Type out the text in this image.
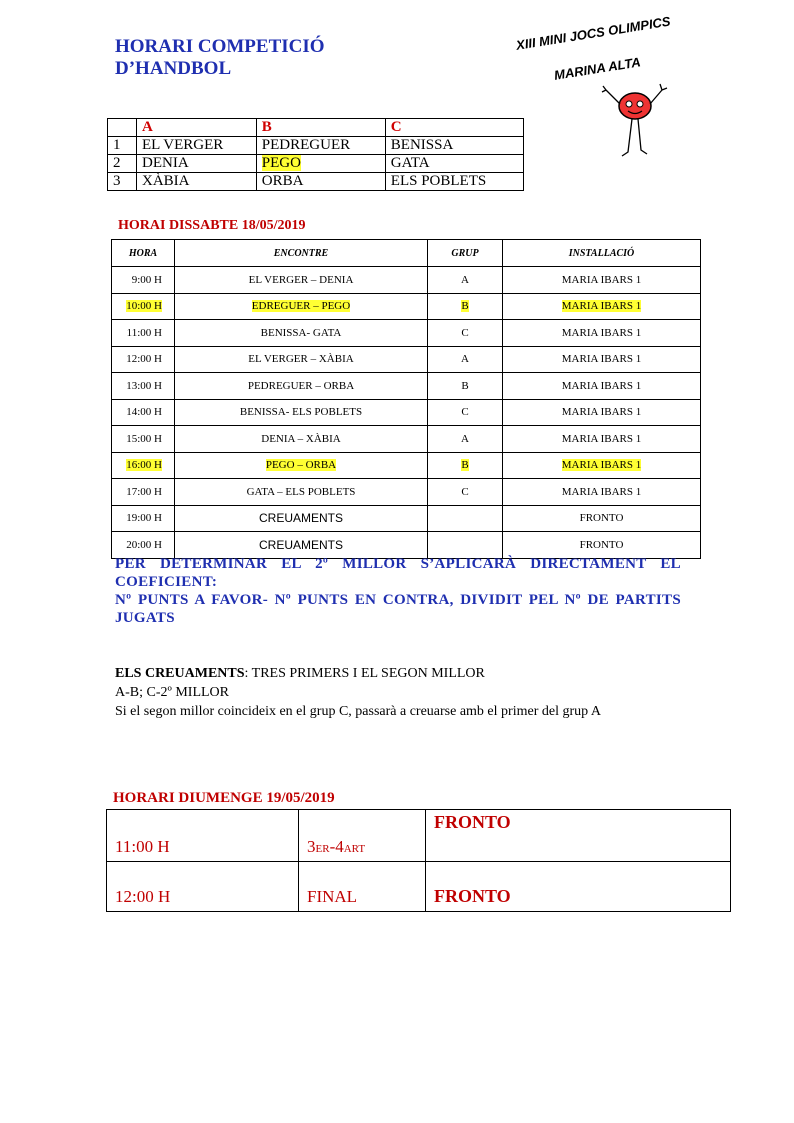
HORARI COMPETICIÓ
D’HANDBOL
XIII MINI JOCS OLIMPICS
MARINA ALTA
	A	B	C
1	EL VERGER	PEDREGUER	BENISSA
2	DENIA	PEGO	GATA
3	XÀBIA	ORBA	ELS POBLETS
HORAI DISSABTE 18/05/2019
HORA	ENCONTRE	GRUP	INSTALLACIÓ
9:00 H	EL VERGER – DENIA	A	MARIA IBARS 1
10:00 H	EDREGUER – PEGO	B	MARIA IBARS 1
11:00 H	BENISSA- GATA	C	MARIA IBARS 1
12:00 H	EL VERGER – XÀBIA	A	MARIA IBARS 1
13:00 H	PEDREGUER – ORBA	B	MARIA IBARS 1
14:00 H	BENISSA- ELS POBLETS	C	MARIA IBARS 1
15:00 H	DENIA – XÀBIA	A	MARIA IBARS 1
16:00 H	PEGO – ORBA	B	MARIA IBARS 1
17:00 H	GATA – ELS POBLETS	C	MARIA IBARS 1
19:00 H	CREUAMENTS		FRONTO
20:00 H	CREUAMENTS		FRONTO
PER DETERMINAR EL 2º MILLOR S’APLICARÀ DIRECTAMENT EL
COEFICIENT:
Nº PUNTS A FAVOR- Nº PUNTS EN CONTRA, DIVIDIT PEL Nº DE PARTITS
JUGATS
ELS CREUAMENTS: TRES PRIMERS I EL SEGON MILLOR
A-B; C-2º MILLOR
Si el segon millor coincideix en el grup C, passarà a creuarse amb el primer del grup A
HORARI DIUMENGE 19/05/2019
11:00 H	3ER-4ART	FRONTO
12:00 H	FINAL	FRONTO
